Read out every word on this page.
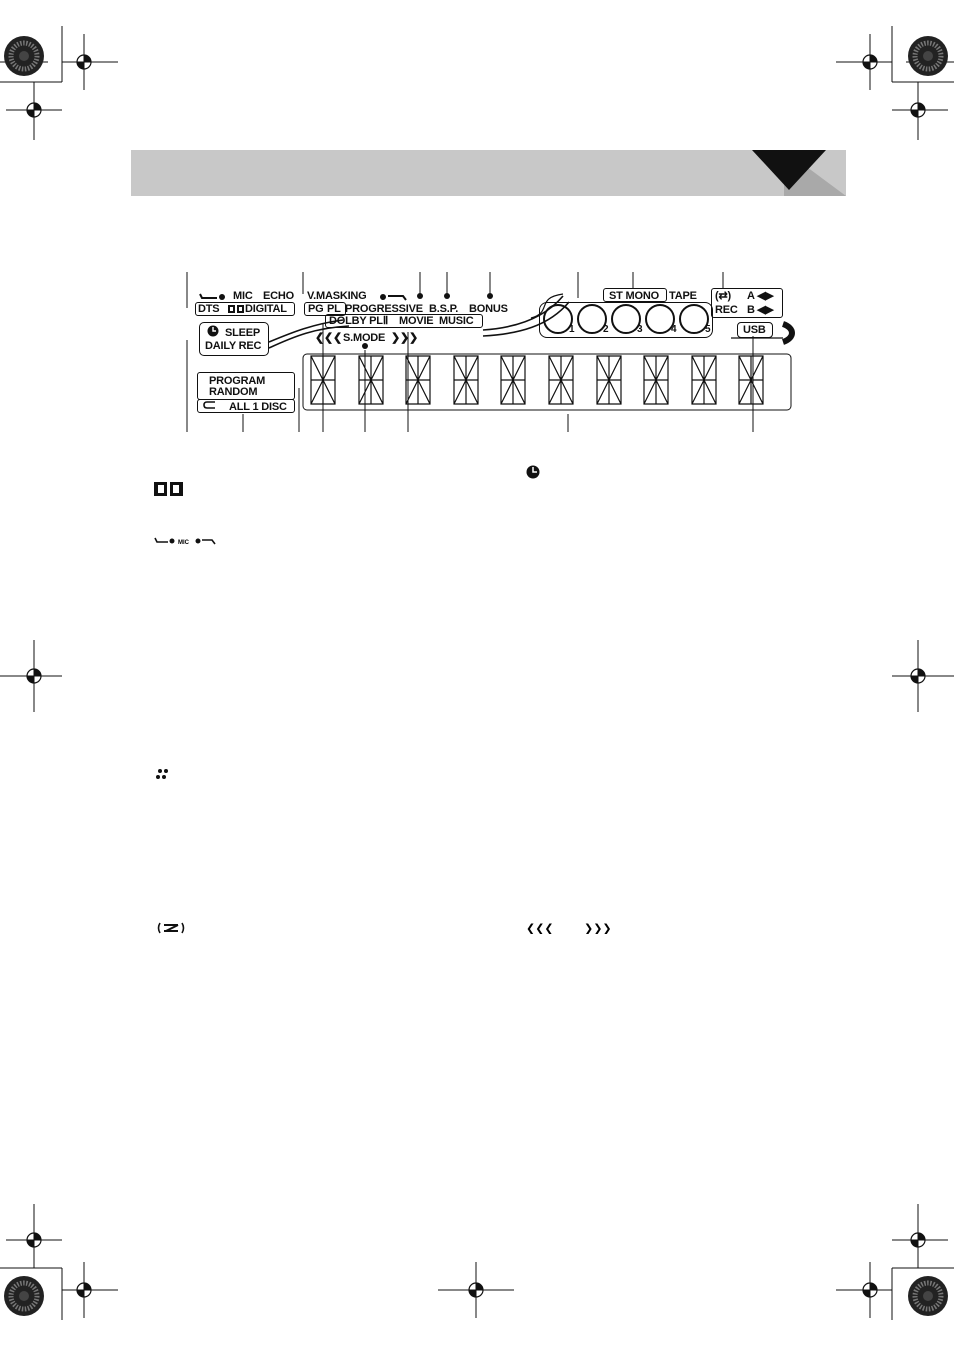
MIC ECHO V.MASKING
DTS DIGITAL PG PL PROGRESSIVE B.S.P. BONUS
DOLBY PLⅡ MOVIE MUSIC
SLEEP
DAILY REC
❮❮❮ S.MODE ❯❯❯
PROGRAM
RANDOM
ALL 1 DISC
1	2	3	4	5
ST MONO TAPE (⇄) A ◀▶
REC B ◀▶
USB
MIC
❮❮❮	❯❯❯
